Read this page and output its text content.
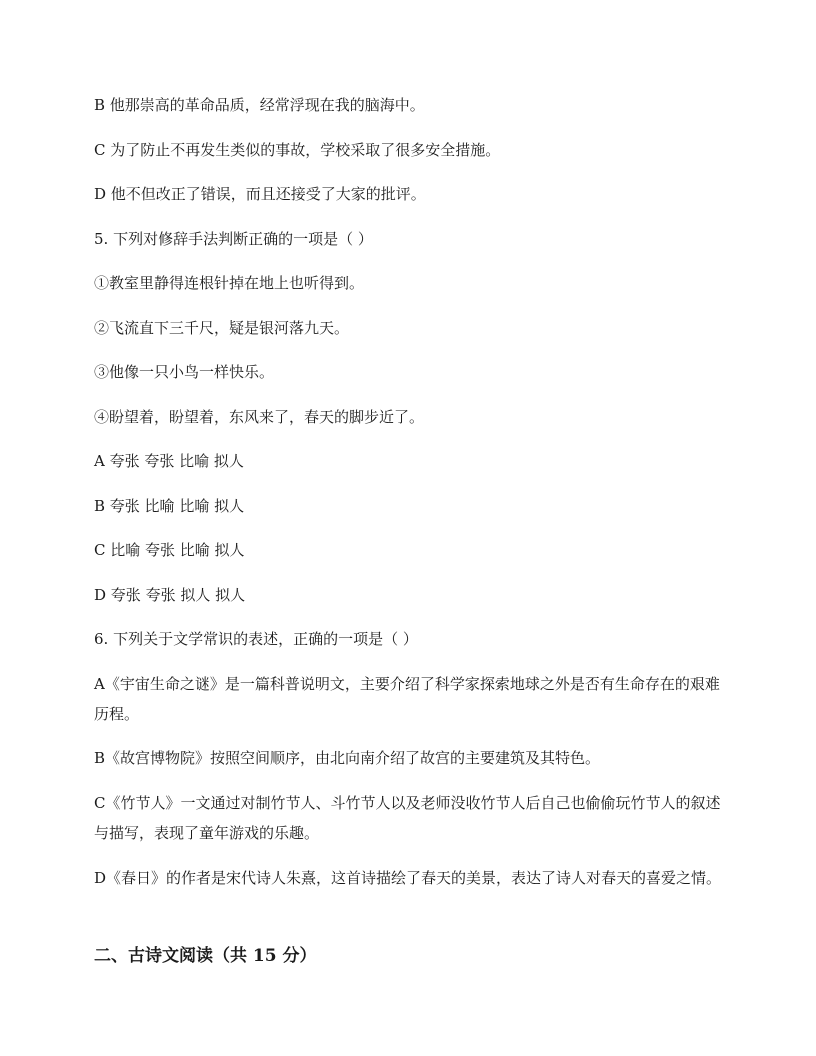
B 他那崇高的革命品质，经常浮现在我的脑海中。
C 为了防止不再发生类似的事故，学校采取了很多安全措施。
D 他不但改正了错误，而且还接受了大家的批评。
5. 下列对修辞手法判断正确的一项是（ ）
①教室里静得连根针掉在地上也听得到。
②飞流直下三千尺，疑是银河落九天。
③他像一只小鸟一样快乐。
④盼望着，盼望着，东风来了，春天的脚步近了。
A 夸张 夸张 比喻 拟人
B 夸张 比喻 比喻 拟人
C 比喻 夸张 比喻 拟人
D 夸张 夸张 拟人 拟人
6. 下列关于文学常识的表述，正确的一项是（ ）
A《宇宙生命之谜》是一篇科普说明文，主要介绍了科学家探索地球之外是否有生命存在的艰难历程。
B《故宫博物院》按照空间顺序，由北向南介绍了故宫的主要建筑及其特色。
C《竹节人》一文通过对制竹节人、斗竹节人以及老师没收竹节人后自己也偷偷玩竹节人的叙述与描写，表现了童年游戏的乐趣。
D《春日》的作者是宋代诗人朱熹，这首诗描绘了春天的美景，表达了诗人对春天的喜爱之情。
二、古诗文阅读（共 15 分）
